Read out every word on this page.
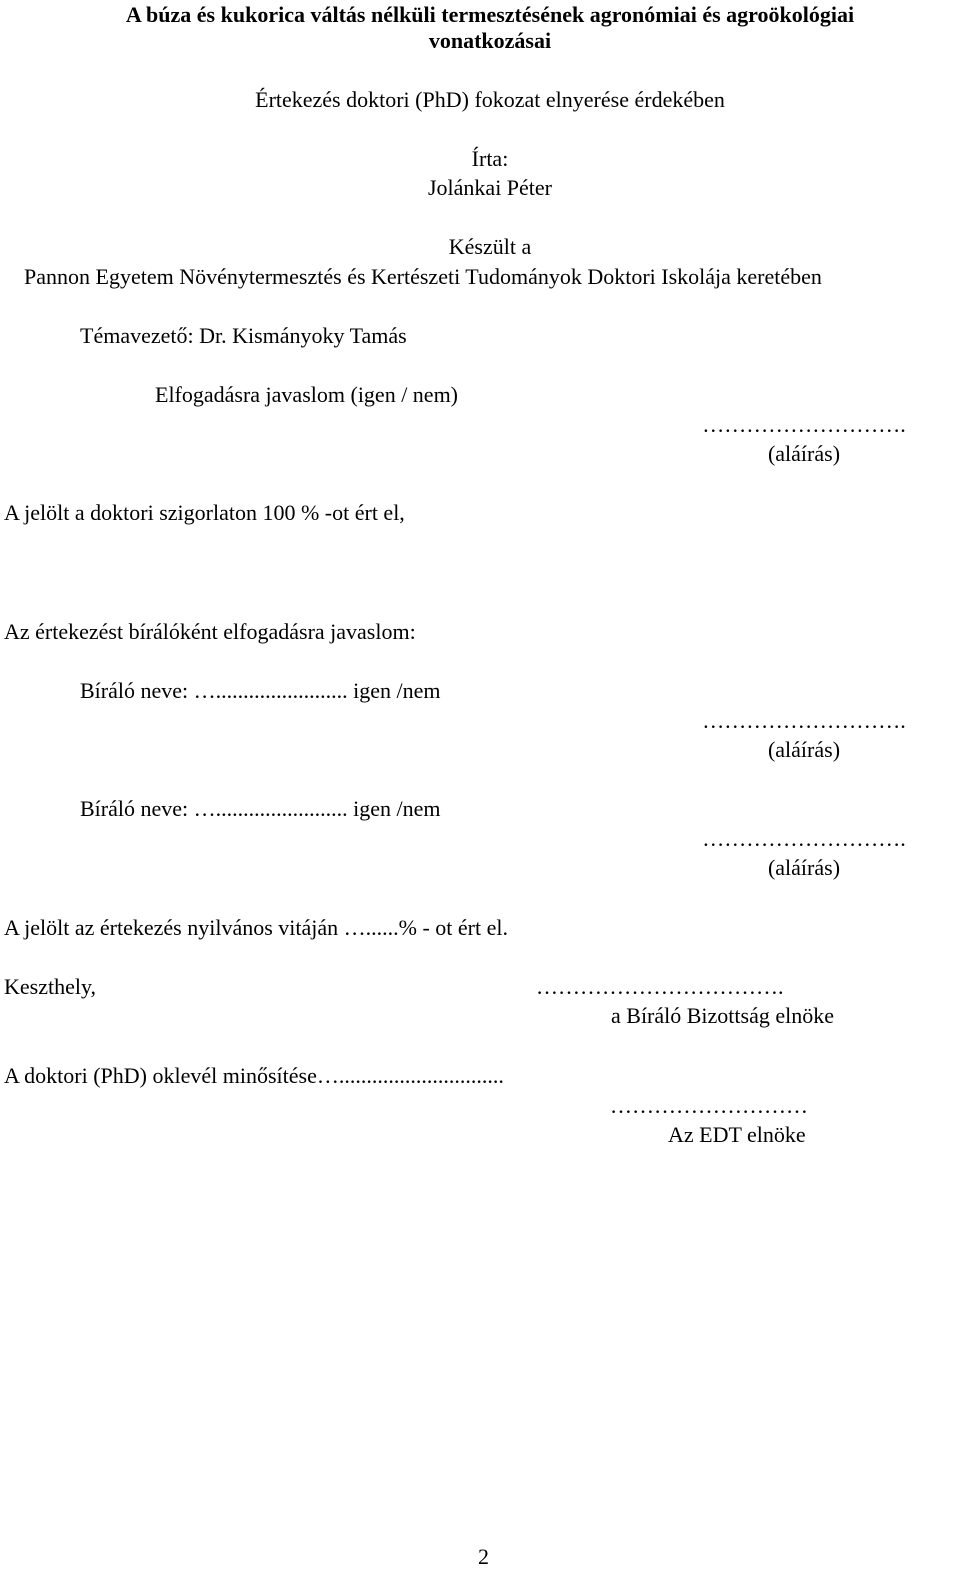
A búza és kukorica váltás nélküli termesztésének agronómiai és agroökológiai

vonatkozásai

Értekezés doktori (PhD) fokozat elnyerése érdekében

Írta:

Jolánkai Péter

Készült a

Pannon Egyetem Növénytermesztés és Kertészeti Tudományok Doktori Iskolája keretében

Témavezető: Dr. Kismányoky Tamás

Elfogadásra javaslom (igen / nem)

……………………….
(aláírás)

A jelölt a doktori szigorlaton 100 % -ot ért el,

Az értekezést bírálóként elfogadásra javaslom:

Bíráló neve: …........................ igen /nem

……………………….
(aláírás)

Bíráló neve: …........................ igen /nem

……………………….
(aláírás)

A jelölt az értekezés nyilvános vitáján …......% - ot ért el.

Keszthely,	…………………………….
a Bíráló Bizottság elnöke

A doktori (PhD) oklevél minősítése…..............................

………………………
Az EDT elnöke

2
